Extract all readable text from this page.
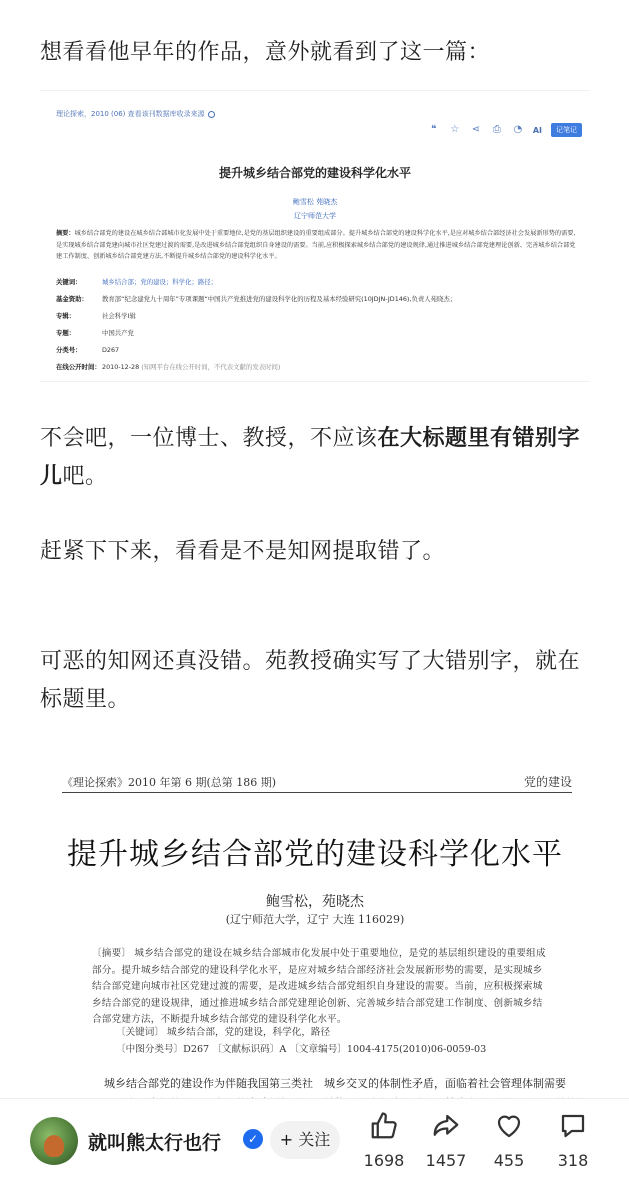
想看看他早年的作品，意外就看到了这一篇：
理论探索，2010 (06) 查看该刊数据库收录来源
❝	☆ ⋖ ⎙ ◔ AI	记笔记
提升城乡结合部党的建设科学化水平
鲍雪松 苑晓杰
辽宁师范大学
摘要：城乡结合部党的建设在城乡结合部城市化发展中处于重要地位,是党的基层组织建设的重要组成部分。提升城乡结合部党的建设科学化水平,是应对城乡结合部经济社会发展新形势的需要,是实现城乡结合部党建向城市社区党建过渡的需要,是改进城乡结合部党组织自身建设的需要。当前,应积极探索城乡结合部党的建设规律,通过推进城乡结合部党建理论创新、完善城乡结合部党建工作制度、创新城乡结合部党建方法,不断提升城乡结合部党的建设科学化水平。
关键词：	城乡结合部；党的建设；科学化；路径；
基金资助： 教育部“纪念建党九十周年”专项课题“中国共产党推进党的建设科学化的历程及基本经验研究(10JDJN-JD146),负责人苑晓杰；
专辑：	社会科学Ⅰ辑
专题：	中国共产党
分类号：	D267
在线公开时间：2010-12-28 (知网平台在线公开时间，不代表文献的发表时间)
不会吧，一位博士、教授，不应该在大标题里有错别字
儿吧。
赶紧下下来，看看是不是知网提取错了。
可恶的知网还真没错。苑教授确实写了大错别字，就在
标题里。
《理论探索》2010 年第 6 期(总第 186 期)	党的建设
提升城乡结合部党的建设科学化水平
鲍雪松，苑晓杰
(辽宁师范大学，辽宁 大连 116029)
〔摘要〕 城乡结合部党的建设在城乡结合部城市化发展中处于重要地位，是党的基层组织建设的重要组成部分。提升城乡结合部党的建设科学化水平，是应对城乡结合部经济社会发展新形势的需要，是实现城乡结合部党建向城市社区党建过渡的需要，是改进城乡结合部党组织自身建设的需要。当前，应积极探索城乡结合部党的建设规律，通过推进城乡结合部党建理论创新、完善城乡结合部党建工作制度、创新城乡结合部党建方法，不断提升城乡结合部党的建设科学化水平。
〔关键词〕 城乡结合部，党的建设，科学化，路径
〔中图分类号〕D267 〔文献标识码〕A 〔文章编号〕1004-4175(2010)06-0059-03
城乡结合部党的建设作为伴随我国第三类社	城乡交叉的体制性矛盾，面临着社会管理体制需要
就叫熊太行也行	✓	+ 关注
1698	1457	455	318
